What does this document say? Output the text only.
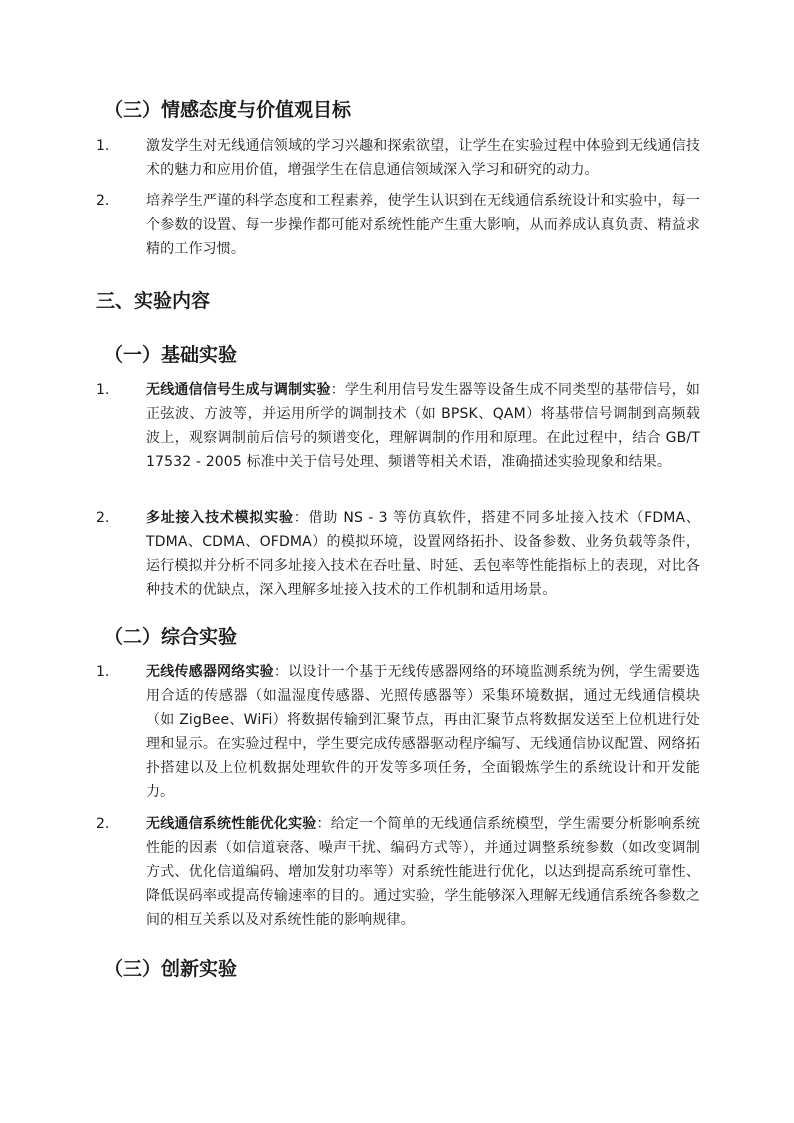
（三）情感态度与价值观目标
1.	激发学生对无线通信领域的学习兴趣和探索欲望，让学生在实验过程中体验到无线通信技术的魅力和应用价值，增强学生在信息通信领域深入学习和研究的动力。
2.	培养学生严谨的科学态度和工程素养，使学生认识到在无线通信系统设计和实验中，每一个参数的设置、每一步操作都可能对系统性能产生重大影响，从而养成认真负责、精益求精的工作习惯。
三、实验内容
（一）基础实验
1.	无线通信信号生成与调制实验：学生利用信号发生器等设备生成不同类型的基带信号，如正弦波、方波等，并运用所学的调制技术（如 BPSK、QAM）将基带信号调制到高频载波上，观察调制前后信号的频谱变化，理解调制的作用和原理。在此过程中，结合 GB/T 17532 - 2005 标准中关于信号处理、频谱等相关术语，准确描述实验现象和结果。
2.	多址接入技术模拟实验：借助 NS - 3 等仿真软件，搭建不同多址接入技术（FDMA、TDMA、CDMA、OFDMA）的模拟环境，设置网络拓扑、设备参数、业务负载等条件，运行模拟并分析不同多址接入技术在吞吐量、时延、丢包率等性能指标上的表现，对比各种技术的优缺点，深入理解多址接入技术的工作机制和适用场景。
（二）综合实验
1.	无线传感器网络实验：以设计一个基于无线传感器网络的环境监测系统为例，学生需要选用合适的传感器（如温湿度传感器、光照传感器等）采集环境数据，通过无线通信模块（如 ZigBee、WiFi）将数据传输到汇聚节点，再由汇聚节点将数据发送至上位机进行处理和显示。在实验过程中，学生要完成传感器驱动程序编写、无线通信协议配置、网络拓扑搭建以及上位机数据处理软件的开发等多项任务，全面锻炼学生的系统设计和开发能力。
2.	无线通信系统性能优化实验：给定一个简单的无线通信系统模型，学生需要分析影响系统性能的因素（如信道衰落、噪声干扰、编码方式等），并通过调整系统参数（如改变调制方式、优化信道编码、增加发射功率等）对系统性能进行优化，以达到提高系统可靠性、降低误码率或提高传输速率的目的。通过实验，学生能够深入理解无线通信系统各参数之间的相互关系以及对系统性能的影响规律。
（三）创新实验
